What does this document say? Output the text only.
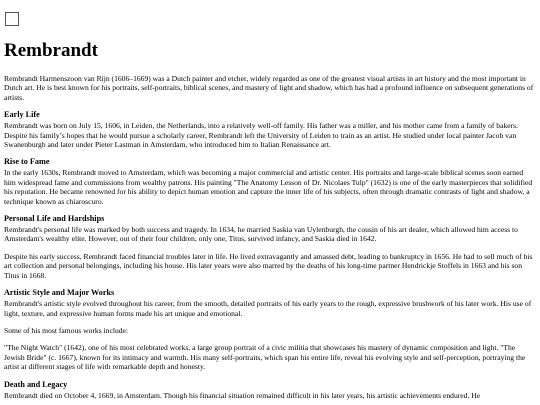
Rembrandt

Rembrandt Harmenszoon van Rijn (1606–1669) was a Dutch painter and etcher, widely regarded as one of the greatest visual artists in art history and the most important in Dutch art. He is best known for his portraits, self-portraits, biblical scenes, and mastery of light and shadow, which has had a profound influence on subsequent generations of artists.

Early Life

Rembrandt was born on July 15, 1606, in Leiden, the Netherlands, into a relatively well-off family. His father was a miller, and his mother came from a family of bakers. Despite his family’s hopes that he would pursue a scholarly career, Rembrandt left the University of Leiden to train as an artist. He studied under local painter Jacob van Swanenburgh and later under Pieter Lastman in Amsterdam, who introduced him to Italian Renaissance art.

Rise to Fame

In the early 1630s, Rembrandt moved to Amsterdam, which was becoming a major commercial and artistic center. His portraits and large-scale biblical scenes soon earned him widespread fame and commissions from wealthy patrons. His painting "The Anatomy Lesson of Dr. Nicolaes Tulp" (1632) is one of the early masterpieces that solidified his reputation. He became renowned for his ability to depict human emotion and capture the inner life of his subjects, often through dramatic contrasts of light and shadow, a technique known as chiaroscuro.

Personal Life and Hardships

Rembrandt's personal life was marked by both success and tragedy. In 1634, he married Saskia van Uylenburgh, the cousin of his art dealer, which allowed him access to Amsterdam's wealthy elite. However, out of their four children, only one, Titus, survived infancy, and Saskia died in 1642.

Despite his early success, Rembrandt faced financial troubles later in life. He lived extravagantly and amassed debt, leading to bankruptcy in 1656. He had to sell much of his art collection and personal belongings, including his house. His later years were also marred by the deaths of his long-time partner Hendrickje Stoffels in 1663 and his son Titus in 1668.

Artistic Style and Major Works

Rembrandt's artistic style evolved throughout his career, from the smooth, detailed portraits of his early years to the rough, expressive brushwork of his later work. His use of light, texture, and expressive human forms made his art unique and emotional.

Some of his most famous works include:

"The Night Watch" (1642), one of his most celebrated works, a large group portrait of a civic militia that showcases his mastery of dynamic composition and light. "The Jewish Bride" (c. 1667), known for its intimacy and warmth. His many self-portraits, which span his entire life, reveal his evolving style and self-perception, portraying the artist at different stages of life with remarkable depth and honesty.

Death and Legacy

Rembrandt died on October 4, 1669, in Amsterdam. Though his financial situation remained difficult in his later years, his artistic achievements endured. He
